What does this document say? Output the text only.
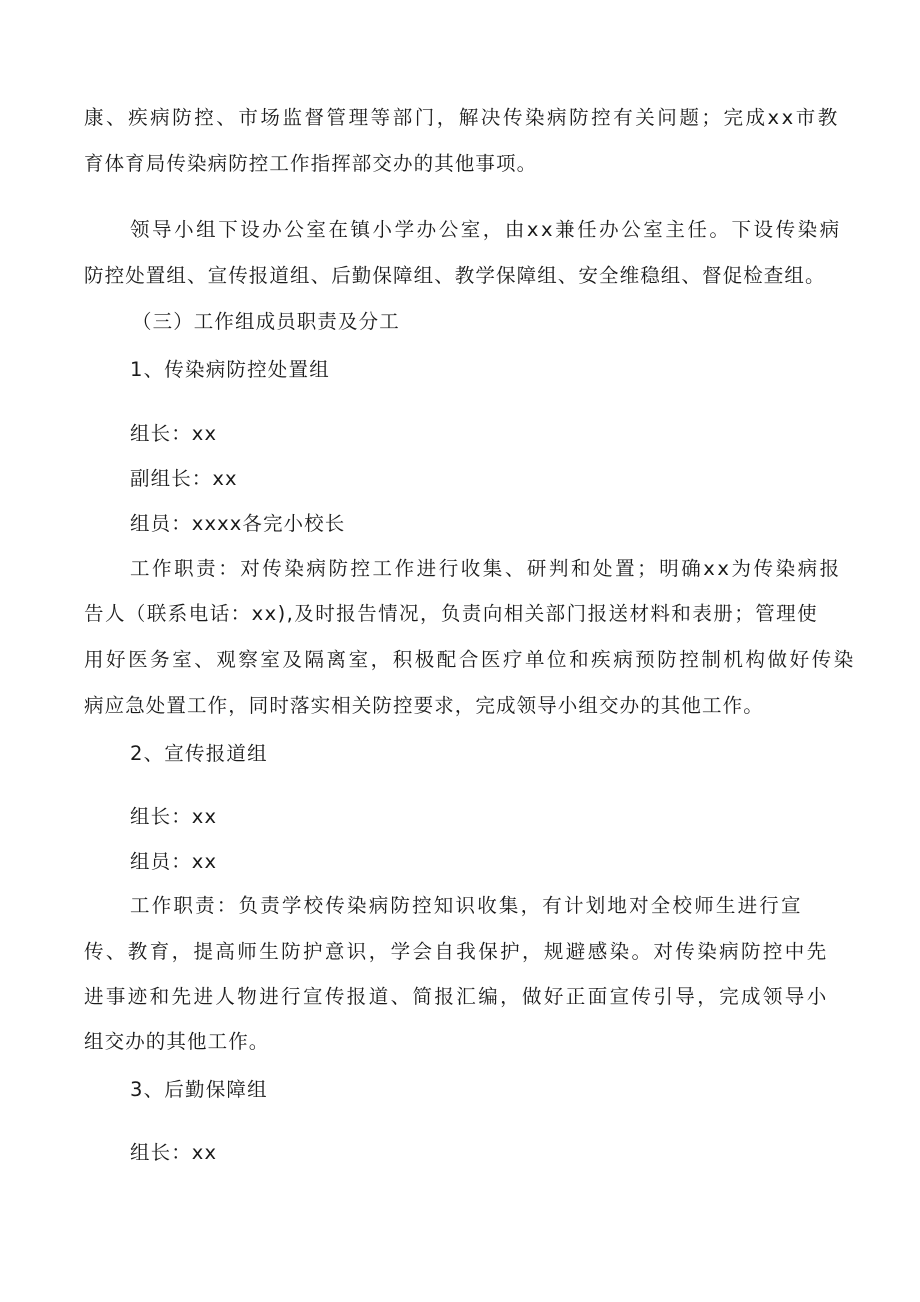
康、疾病防控、市场监督管理等部门，解决传染病防控有关问题；完成xx市教
育体育局传染病防控工作指挥部交办的其他事项。
领导小组下设办公室在镇小学办公室，由xx兼任办公室主任。下设传染病
防控处置组、宣传报道组、后勤保障组、教学保障组、安全维稳组、督促检查组。
（三）工作组成员职责及分工
1、传染病防控处置组
组长：xx
副组长：xx
组员：xxxx各完小校长
工作职责：对传染病防控工作进行收集、研判和处置；明确xx为传染病报
告人（联系电话：xx),及时报告情况，负责向相关部门报送材料和表册；管理使
用好医务室、观察室及隔离室，积极配合医疗单位和疾病预防控制机构做好传染
病应急处置工作，同时落实相关防控要求，完成领导小组交办的其他工作。
2、宣传报道组
组长：xx
组员：xx
工作职责：负责学校传染病防控知识收集，有计划地对全校师生进行宣
传、教育，提高师生防护意识，学会自我保护，规避感染。对传染病防控中先
进事迹和先进人物进行宣传报道、简报汇编，做好正面宣传引导，完成领导小
组交办的其他工作。
3、后勤保障组
组长：xx
